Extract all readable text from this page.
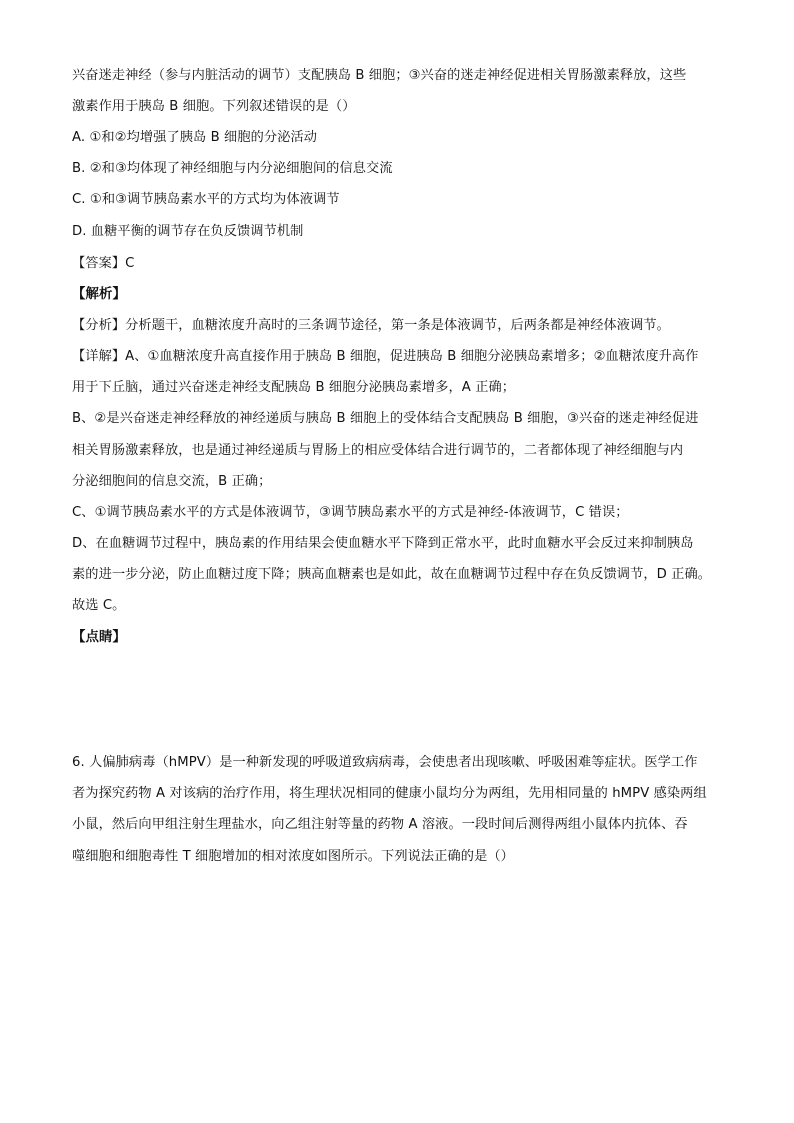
兴奋迷走神经（参与内脏活动的调节）支配胰岛 B 细胞；③兴奋的迷走神经促进相关胃肠激素释放，这些
激素作用于胰岛 B 细胞。下列叙述错误的是（）
A. ①和②均增强了胰岛 B 细胞的分泌活动
B. ②和③均体现了神经细胞与内分泌细胞间的信息交流
C. ①和③调节胰岛素水平的方式均为体液调节
D. 血糖平衡的调节存在负反馈调节机制
【答案】C
【解析】
【分析】分析题干，血糖浓度升高时的三条调节途径，第一条是体液调节，后两条都是神经体液调节。
【详解】A、①血糖浓度升高直接作用于胰岛 B 细胞，促进胰岛 B 细胞分泌胰岛素增多；②血糖浓度升高作
用于下丘脑，通过兴奋迷走神经支配胰岛 B 细胞分泌胰岛素增多，A 正确；
B、②是兴奋迷走神经释放的神经递质与胰岛 B 细胞上的受体结合支配胰岛 B 细胞，③兴奋的迷走神经促进
相关胃肠激素释放，也是通过神经递质与胃肠上的相应受体结合进行调节的，二者都体现了神经细胞与内
分泌细胞间的信息交流，B 正确；
C、①调节胰岛素水平的方式是体液调节，③调节胰岛素水平的方式是神经-体液调节，C 错误；
D、在血糖调节过程中，胰岛素的作用结果会使血糖水平下降到正常水平，此时血糖水平会反过来抑制胰岛
素的进一步分泌，防止血糖过度下降；胰高血糖素也是如此，故在血糖调节过程中存在负反馈调节，D 正确。
故选 C。
【点睛】
6. 人偏肺病毒（hMPV）是一种新发现的呼吸道致病病毒，会使患者出现咳嗽、呼吸困难等症状。医学工作
者为探究药物 A 对该病的治疗作用，将生理状况相同的健康小鼠均分为两组，先用相同量的 hMPV 感染两组
小鼠，然后向甲组注射生理盐水，向乙组注射等量的药物 A 溶液。一段时间后测得两组小鼠体内抗体、吞
噬细胞和细胞毒性 T 细胞增加的相对浓度如图所示。下列说法正确的是（）
